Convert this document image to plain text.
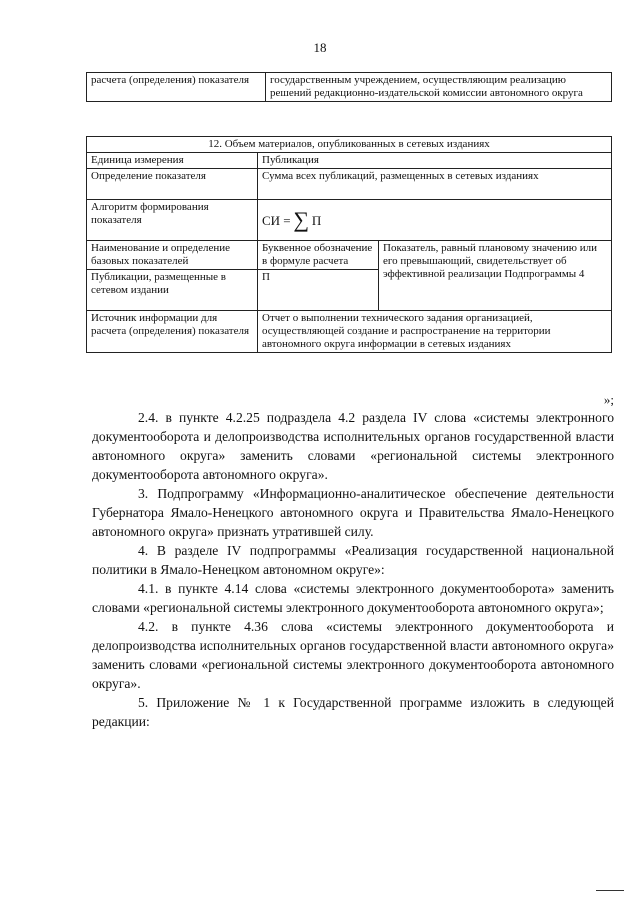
18
расчета (определения) показателя	государственным учреждением, осуществляющим реализацию решений редакционно-издательской комиссии автономного округа
12. Объем материалов, опубликованных в сетевых изданиях		
Единица измерения	Публикация	
Определение показателя	Сумма всех публикаций, размещенных в сетевых изданиях	
Алгоритм формирования показателя	СИ = ∑ П	
Наименование и определение базовых показателей	Буквенное обозначение в формуле расчета	Показатель, равный плановому значению или его превышающий, свидетельствует об эффективной реализации Подпрограммы 4
Публикации, размещенные в сетевом издании	П	
Источник информации для расчета (определения) показателя	Отчет о выполнении технического задания организацией, осуществляющей создание и распространение на территории автономного округа информации в сетевых изданиях	
»;

2.4. в пункте 4.2.25 подраздела 4.2 раздела IV слова «системы электронного документооборота и делопроизводства исполнительных органов государственной власти автономного округа» заменить словами «региональной системы электронного документооборота автономного округа».

3. Подпрограмму «Информационно-аналитическое обеспечение деятельности Губернатора Ямало-Ненецкого автономного округа и Правительства Ямало-Ненецкого автономного округа» признать утратившей силу.

4. В разделе IV подпрограммы «Реализация государственной национальной политики в Ямало-Ненецком автономном округе»:

4.1. в пункте 4.14 слова «системы электронного документооборота» заменить словами «региональной системы электронного документооборота автономного округа»;

4.2. в пункте 4.36 слова «системы электронного документооборота и делопроизводства исполнительных органов государственной власти автономного округа» заменить словами «региональной системы электронного документооборота автономного округа».

5. Приложение № 1 к Государственной программе изложить в следующей редакции:
